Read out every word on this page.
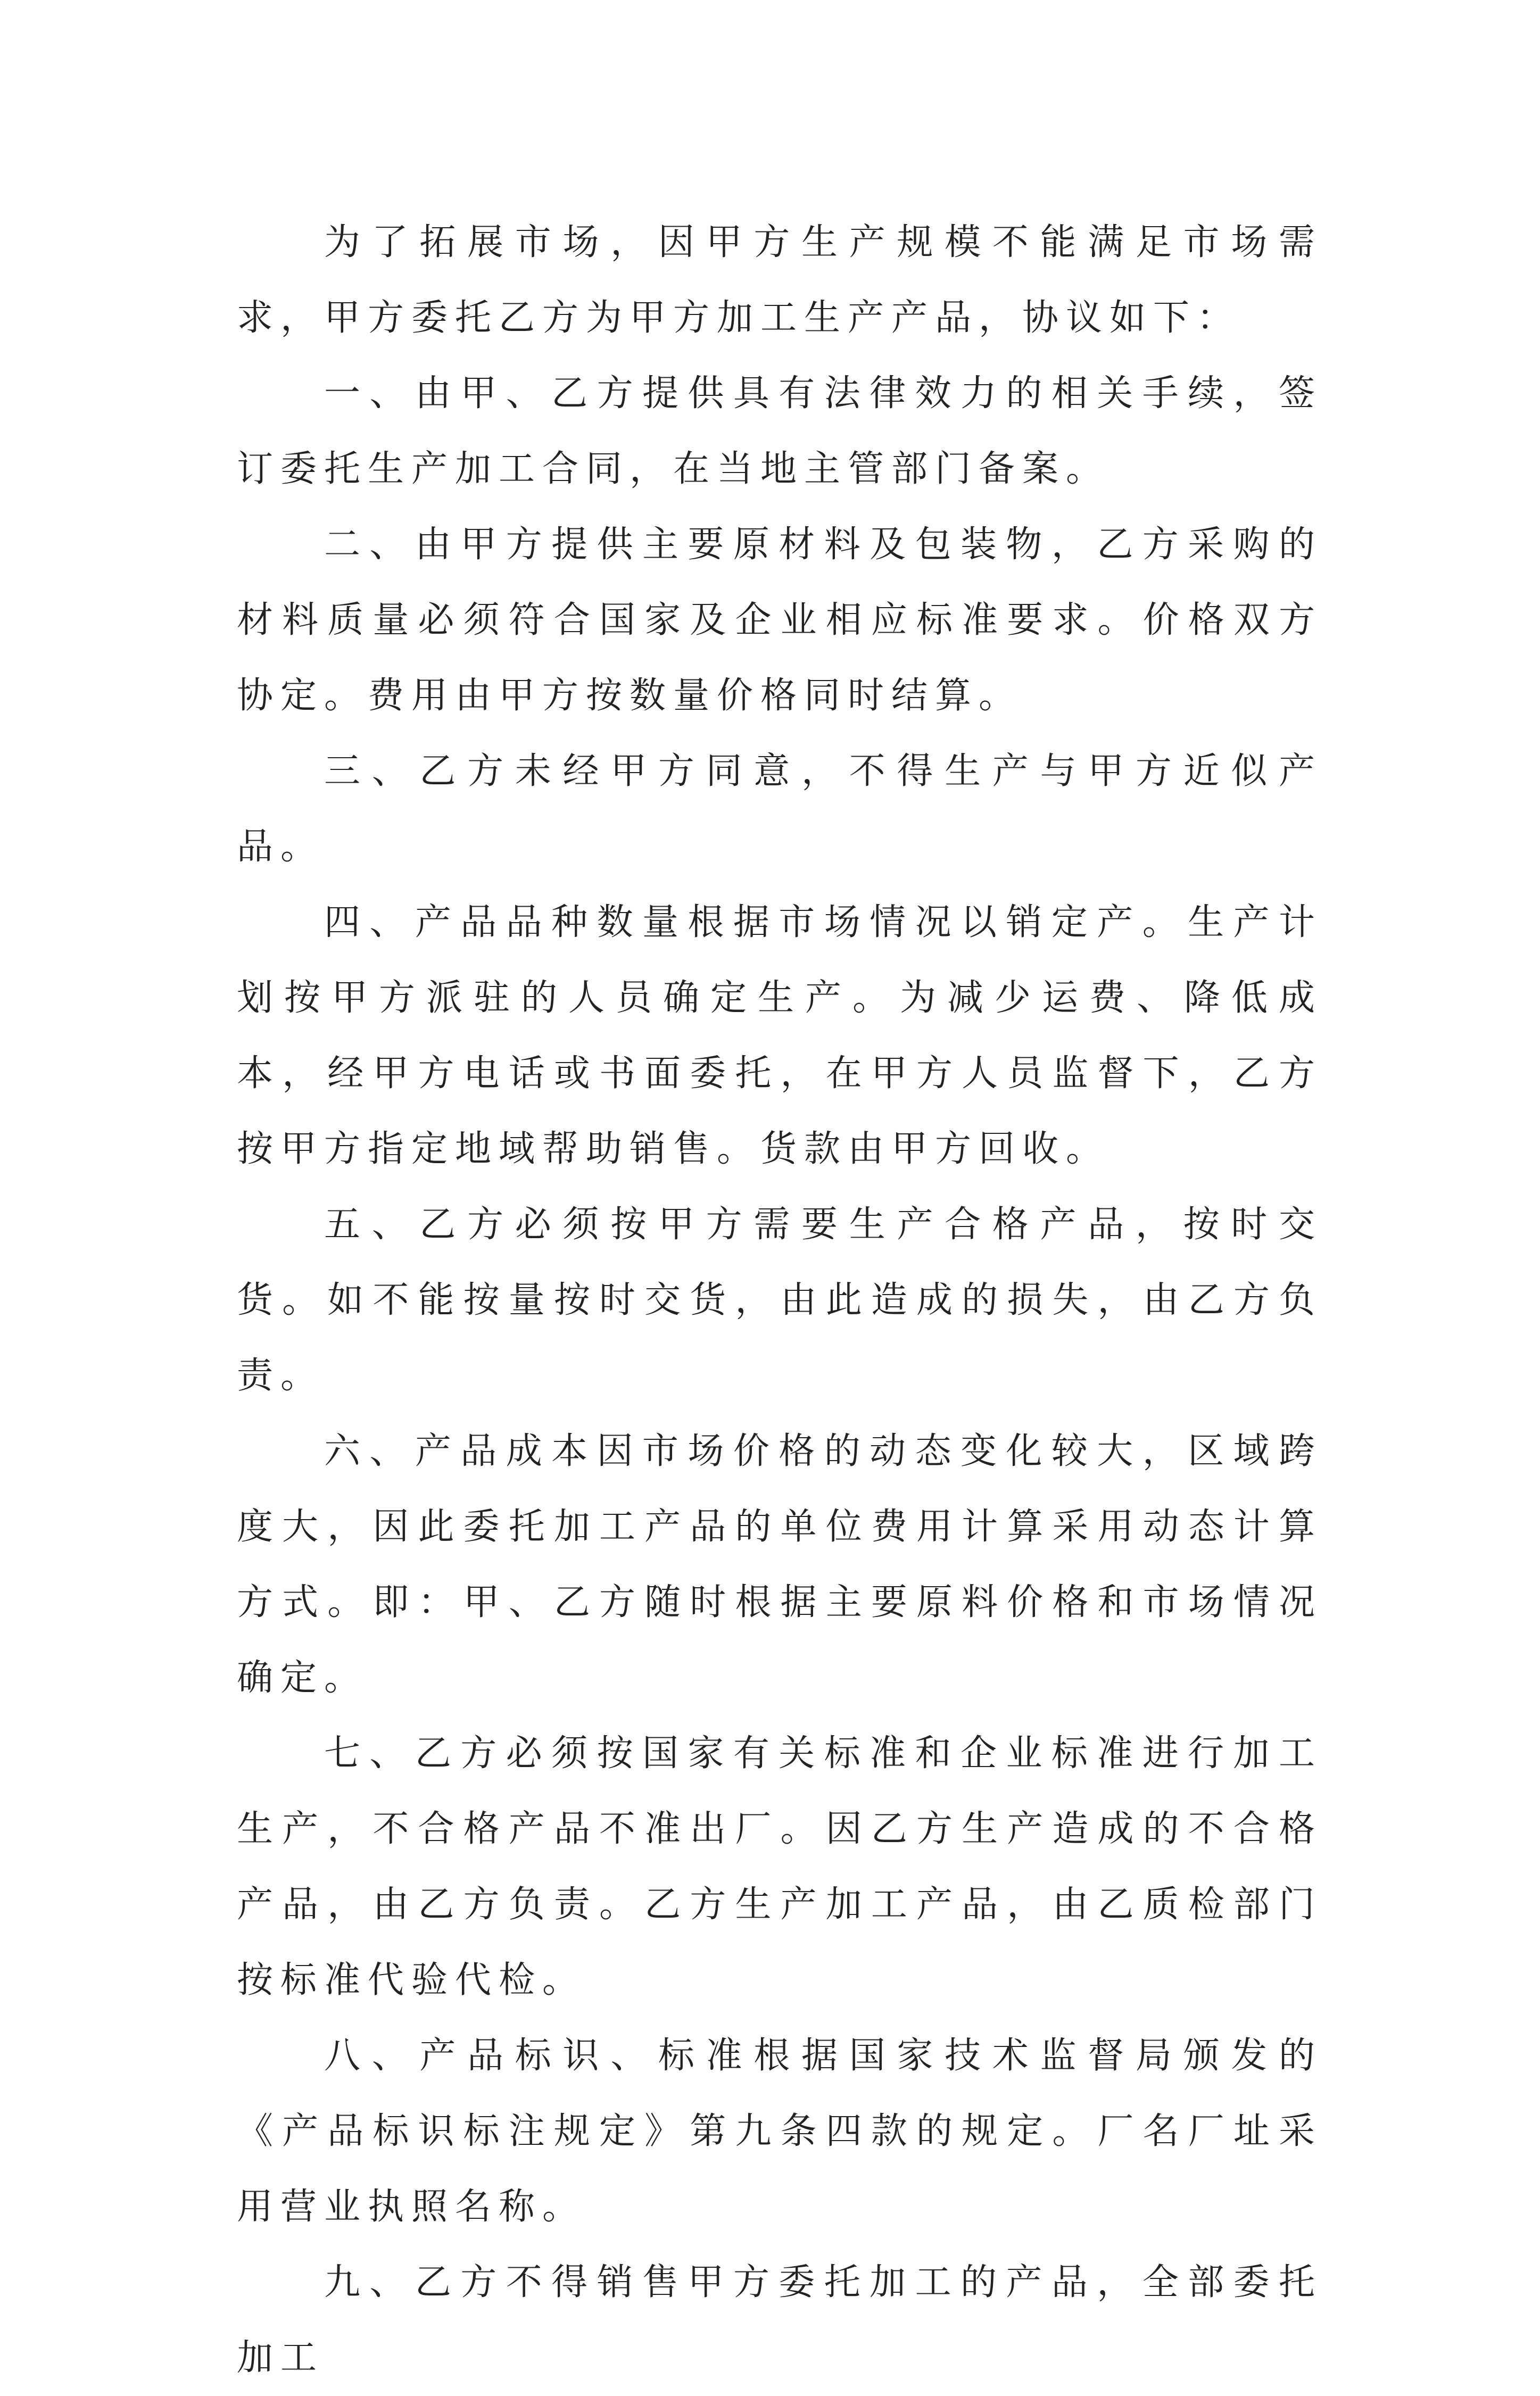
为了拓展市场，因甲方生产规模不能满足市场需求，甲方委托乙方为甲方加工生产产品，协议如下：

一、由甲、乙方提供具有法律效力的相关手续，签订委托生产加工合同，在当地主管部门备案。

二、由甲方提供主要原材料及包装物，乙方采购的材料质量必须符合国家及企业相应标准要求。价格双方协定。费用由甲方按数量价格同时结算。

三、乙方未经甲方同意，不得生产与甲方近似产品。

四、产品品种数量根据市场情况以销定产。生产计划按甲方派驻的人员确定生产。为减少运费、降低成本，经甲方电话或书面委托，在甲方人员监督下，乙方按甲方指定地域帮助销售。货款由甲方回收。

五、乙方必须按甲方需要生产合格产品，按时交货。如不能按量按时交货，由此造成的损失，由乙方负责。

六、产品成本因市场价格的动态变化较大，区域跨度大，因此委托加工产品的单位费用计算采用动态计算方式。即：甲、乙方随时根据主要原料价格和市场情况确定。

七、乙方必须按国家有关标准和企业标准进行加工生产，不合格产品不准出厂。因乙方生产造成的不合格产品，由乙方负责。乙方生产加工产品，由乙质检部门按标准代验代检。

八、产品标识、标准根据国家技术监督局颁发的《产品标识标注规定》第九条四款的规定。厂名厂址采用营业执照名称。

九、乙方不得销售甲方委托加工的产品，全部委托加工
